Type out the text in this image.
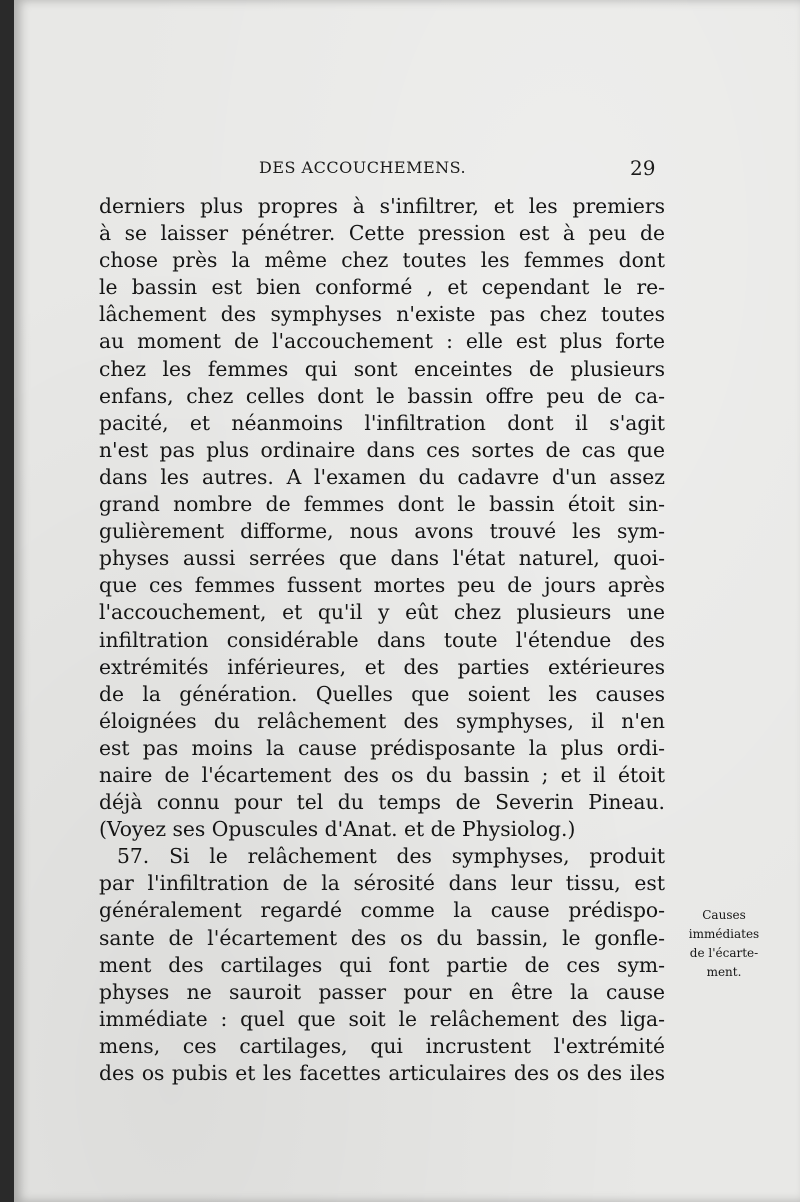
DES ACCOUCHEMENS.	29
derniers plus propres à s'infiltrer, et les premiers
à se laisser pénétrer. Cette pression est à peu de
chose près la même chez toutes les femmes dont
le bassin est bien conformé , et cependant le re-
lâchement des symphyses n'existe pas chez toutes
au moment de l'accouchement : elle est plus forte
chez les femmes qui sont enceintes de plusieurs
enfans, chez celles dont le bassin offre peu de ca-
pacité, et néanmoins l'infiltration dont il s'agit
n'est pas plus ordinaire dans ces sortes de cas que
dans les autres. A l'examen du cadavre d'un assez
grand nombre de femmes dont le bassin étoit sin-
gulièrement difforme, nous avons trouvé les sym-
physes aussi serrées que dans l'état naturel, quoi-
que ces femmes fussent mortes peu de jours après
l'accouchement, et qu'il y eût chez plusieurs une
infiltration considérable dans toute l'étendue des
extrémités inférieures, et des parties extérieures
de la génération. Quelles que soient les causes
éloignées du relâchement des symphyses, il n'en
est pas moins la cause prédisposante la plus ordi-
naire de l'écartement des os du bassin ; et il étoit
déjà connu pour tel du temps de Severin Pineau.
(Voyez ses Opuscules d'Anat. et de Physiolog.)
57. Si le relâchement des symphyses, produit
par l'infiltration de la sérosité dans leur tissu, est
généralement regardé comme la cause prédispo-
sante de l'écartement des os du bassin, le gonfle-
ment des cartilages qui font partie de ces sym-
physes ne sauroit passer pour en être la cause
immédiate : quel que soit le relâchement des liga-
mens, ces cartilages, qui incrustent l'extrémité
des os pubis et les facettes articulaires des os des iles
Causes
immédiates
de l'écarte-
ment.
